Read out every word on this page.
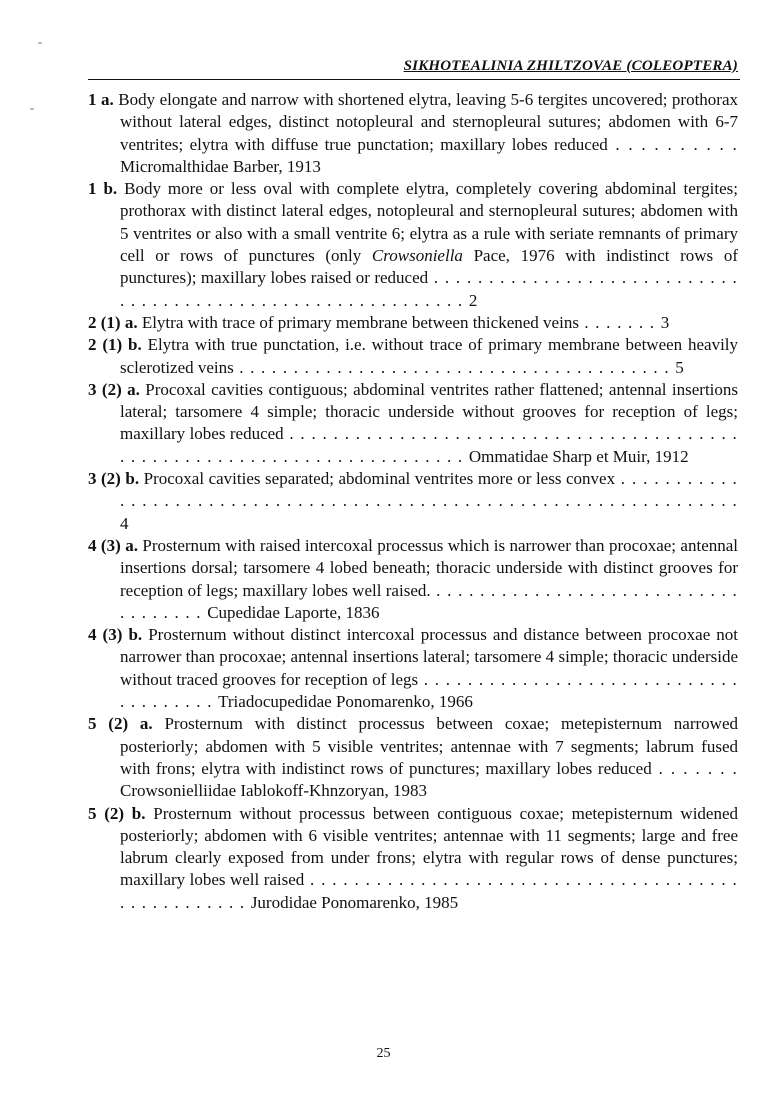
SIKHOTEALINIA ZHILTZOVAE (COLEOPTERA)

1 a. Body elongate and narrow with shortened elytra, leaving 5-6 tergites uncovered; prothorax without lateral edges, distinct notopleural and sternopleural sutures; abdomen with 6-7 ventrites; elytra with diffuse true punctation; maxillary lobes reduced . . . . . . . . . . Micromalthidae Barber, 1913

1 b. Body more or less oval with complete elytra, completely covering abdominal tergites; prothorax with distinct lateral edges, notopleural and sternopleural sutures; abdomen with 5 ventrites or also with a small ventrite 6; elytra as a rule with seriate remnants of primary cell or rows of punctures (only Crowsoniella Pace, 1976 with indistinct rows of punctures); maxillary lobes raised or reduced . . . . . . . . . . . . . . . . . . . . . . . . . . . . . . . . . . . . . . . . . . . . . . . . . . . . . . . . . . . . 2

2 (1) a. Elytra with trace of primary membrane between thickened veins . . . . . . . 3

2 (1) b. Elytra with true punctation, i.e. without trace of primary membrane between heavily sclerotized veins . . . . . . . . . . . . . . . . . . . . . . . . . . . . . . . . . . . . . . . . 5

3 (2) a. Procoxal cavities contiguous; abdominal ventrites rather flattened; antennal insertions lateral; tarsomere 4 simple; thoracic underside without grooves for reception of legs; maxillary lobes reduced . . . . . . . . . . . . . . . . . . . . . . . . . . . . . . . . . . . . . . . . . . . . . . . . . . . . . . . . . . . . . . . . . . . . . . . . . Ommatidae Sharp et Muir, 1912

3 (2) b. Procoxal cavities separated; abdominal ventrites more or less convex . . . . . . . . . . . . . . . . . . . . . . . . . . . . . . . . . . . . . . . . . . . . . . . . . . . . . . . . . . . . . . . . . . . 4

4 (3) a. Prosternum with raised intercoxal processus which is narrower than procoxae; antennal insertions dorsal; tarsomere 4 lobed beneath; thoracic underside with distinct grooves for reception of legs; maxillary lobes well raised. . . . . . . . . . . . . . . . . . . . . . . . . . . . . . . . . . . . . Cupedidae Laporte, 1836

4 (3) b. Prosternum without distinct intercoxal processus and distance between procoxae not narrower than procoxae; antennal insertions lateral; tarsomere 4 simple; thoracic underside without traced grooves for reception of legs . . . . . . . . . . . . . . . . . . . . . . . . . . . . . . . . . . . . . . Triadocupedidae Ponomarenko, 1966

5 (2) a. Prosternum with distinct processus between coxae; metepisternum narrowed posteriorly; abdomen with 5 visible ventrites; antennae with 7 segments; labrum fused with frons; elytra with indistinct rows of punctures; maxillary lobes reduced . . . . . . . Crowsonielliidae Iablokoff-Khnzoryan, 1983

5 (2) b. Prosternum without processus between contiguous coxae; metepisternum widened posteriorly; abdomen with 6 visible ventrites; antennae with 11 segments; large and free labrum clearly exposed from under frons; elytra with regular rows of dense punctures; maxillary lobes well raised . . . . . . . . . . . . . . . . . . . . . . . . . . . . . . . . . . . . . . . . . . . . . . . . . . . Jurodidae Ponomarenko, 1985

25
